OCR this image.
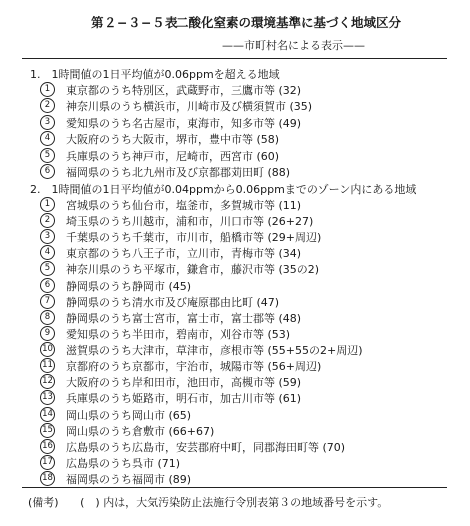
第２−３−５表
二酸化窒素の環境基準に基づく地域区分
——市町村名による表示——
1.　1時間値の1日平均値が0.06ppmを超える地域
1	東京都のうち特別区，武蔵野市，三鷹市等 (32)
2	神奈川県のうち横浜市，川崎市及び横須賀市 (35)
3	愛知県のうち名古屋市，東海市，知多市等 (49)
4	大阪府のうち大阪市，堺市，豊中市等 (58)
5	兵庫県のうち神戸市，尼崎市，西宮市 (60)
6	福岡県のうち北九州市及び京都郡苅田町 (88)
2.　1時間値の1日平均値が0.04ppmから0.06ppmまでのゾーン内にある地域
1	宮城県のうち仙台市，塩釜市，多賀城市等 (11)
2	埼玉県のうち川越市，浦和市，川口市等 (26+27)
3	千葉県のうち千葉市，市川市，船橋市等 (29+周辺)
4	東京都のうち八王子市，立川市，青梅市等 (34)
5	神奈川県のうち平塚市，鎌倉市，藤沢市等 (35の2)
6	静岡県のうち静岡市 (45)
7	静岡県のうち清水市及び庵原郡由比町 (47)
8	静岡県のうち富士宮市，富士市，富士郡等 (48)
9	愛知県のうち半田市，碧南市，刈谷市等 (53)
10 滋賀県のうち大津市，草津市，彦根市等 (55+55の2+周辺)
11 京都府のうち京都市，宇治市，城陽市等 (56+周辺)
12 大阪府のうち岸和田市，池田市，高槻市等 (59)
13 兵庫県のうち姫路市，明石市，加古川市等 (61)
14 岡山県のうち岡山市 (65)
15 岡山県のうち倉敷市 (66+67)
16 広島県のうち広島市，安芸郡府中町，同郡海田町等 (70)
17 広島県のうち呉市 (71)
18 福岡県のうち福岡市 (89)
(備考) (　) 内は，大気汚染防止法施行令別表第３の地域番号を示す。
